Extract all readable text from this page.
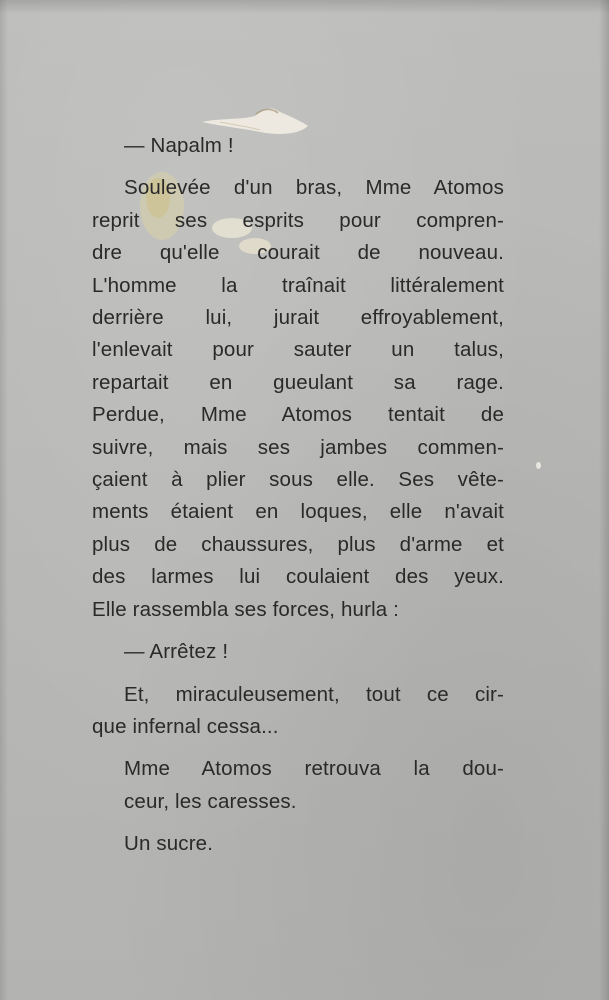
— Napalm !
Soulevée d'un bras, Mme Atomos
reprit ses esprits pour compren-
dre qu'elle courait de nouveau.
L'homme la traînait littéralement
derrière lui, jurait effroyablement,
l'enlevait pour sauter un talus,
repartait en gueulant sa rage.
Perdue, Mme Atomos tentait de
suivre, mais ses jambes commen-
çaient à plier sous elle. Ses vête-
ments étaient en loques, elle n'avait
plus de chaussures, plus d'arme et
des larmes lui coulaient des yeux.
Elle rassembla ses forces, hurla :
— Arrêtez !
Et, miraculeusement, tout ce cir-
que infernal cessa...
Mme Atomos retrouva la dou-
ceur, les caresses.
Un sucre.
